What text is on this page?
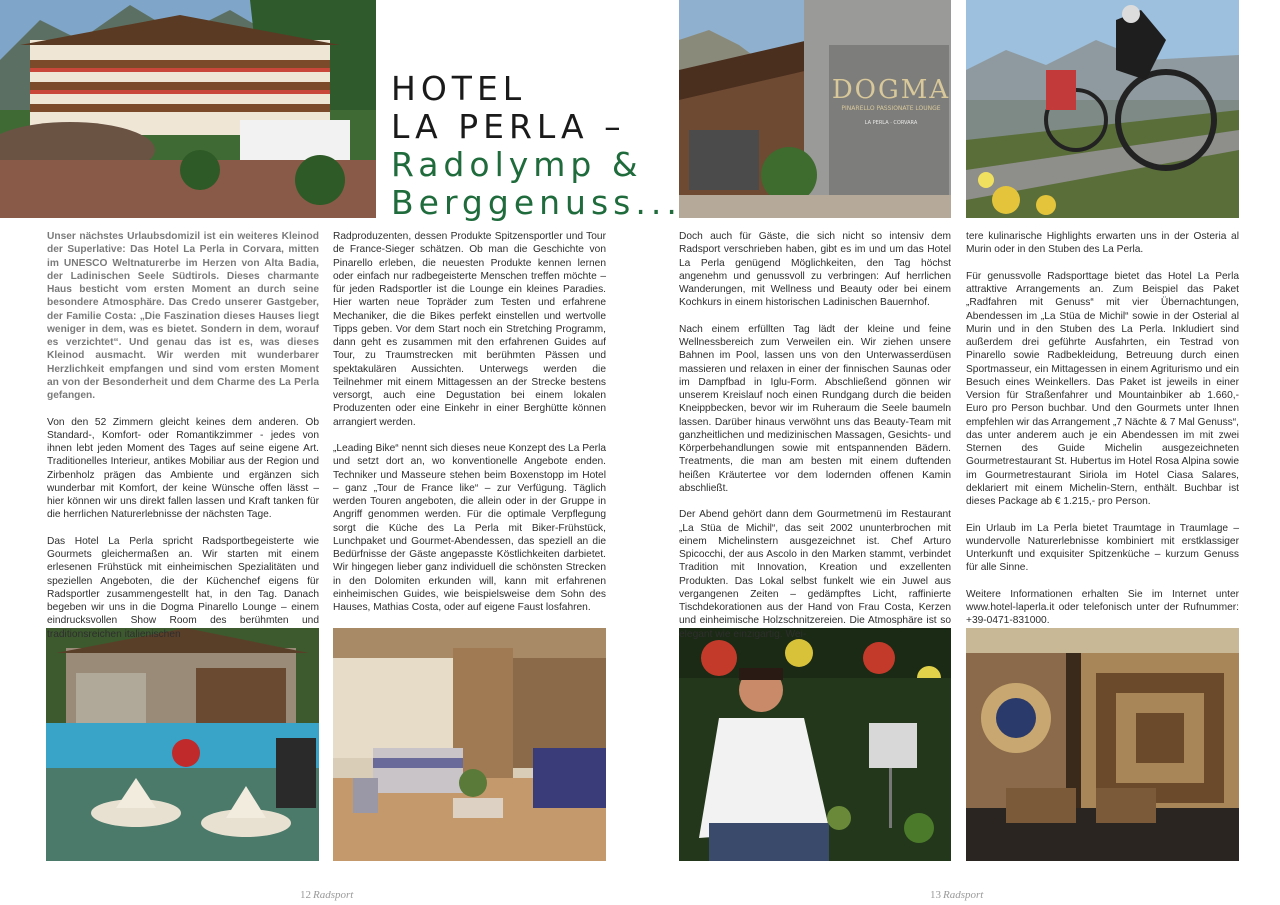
DOGMA
PINARELLO PASSIONATE LOUNGE
LA PERLA · CORVARA
HOTEL
LA PERLA –
Radolymp &
Berggenuss...

Unser nächstes Urlaubsdomizil ist ein weiteres Kleinod der Superlative: Das Hotel La Perla in Corvara, mitten im UNESCO Weltnaturerbe im Herzen von Alta Badia, der Ladinischen Seele Südtirols. Dieses charmante Haus besticht vom ersten Moment an durch seine besondere Atmosphäre. Das Credo unserer Gastgeber, der Familie Costa: „Die Faszination dieses Hauses liegt weniger in dem, was es bietet. Sondern in dem, worauf es verzichtet“. Und genau das ist es, was dieses Kleinod ausmacht. Wir werden mit wunderbarer Herzlichkeit empfangen und sind vom ersten Moment an von der Besonderheit und dem Charme des La Perla gefangen.

Von den 52 Zimmern gleicht keines dem anderen. Ob Standard-, Komfort- oder Romantikzimmer - jedes von ihnen lebt jeden Moment des Tages auf seine eigene Art. Traditionelles Interieur, antikes Mobiliar aus der Region und Zirbenholz prägen das Ambiente und ergänzen sich wunderbar mit Komfort, der keine Wünsche offen lässt – hier können wir uns direkt fallen lassen und Kraft tanken für die herrlichen Naturerlebnisse der nächsten Tage.

Das Hotel La Perla spricht Radsportbegeisterte wie Gourmets gleichermaßen an. Wir starten mit einem erlesenen Frühstück mit einheimischen Spezialitäten und speziellen Angeboten, die der Küchenchef eigens für Radsportler zusammengestellt hat, in den Tag. Danach begeben wir uns in die Dogma Pinarello Lounge – einem eindrucksvollen Show Room des berühmten und traditionsreichen italienischen

Radproduzenten, dessen Produkte Spitzensportler und Tour de France-Sieger schätzen. Ob man die Geschichte von Pinarello erleben, die neuesten Produkte kennen lernen oder einfach nur radbegeisterte Menschen treffen möchte – für jeden Radsportler ist die Lounge ein kleines Paradies. Hier warten neue Topräder zum Testen und erfahrene Mechaniker, die die Bikes perfekt einstellen und wertvolle Tipps geben. Vor dem Start noch ein Stretching Programm, dann geht es zusammen mit den erfahrenen Guides auf Tour, zu Traumstrecken mit berühmten Pässen und spektakulären Aussichten. Unterwegs werden die Teilnehmer mit einem Mittagessen an der Strecke bestens versorgt, auch eine Degustation bei einem lokalen Produzenten oder eine Einkehr in einer Berghütte können arrangiert werden.

„Leading Bike“ nennt sich dieses neue Konzept des La Perla und setzt dort an, wo konventionelle Angebote enden. Techniker und Masseure stehen beim Boxenstopp im Hotel – ganz „Tour de France like“ – zur Verfügung. Täglich werden Touren angeboten, die allein oder in der Gruppe in Angriff genommen werden. Für die optimale Verpflegung sorgt die Küche des La Perla mit Biker-Frühstück, Lunchpaket und Gourmet-Abendessen, das speziell an die Bedürfnisse der Gäste angepasste Köstlichkeiten darbietet. Wir hingegen lieber ganz individuell die schönsten Strecken in den Dolomiten erkunden will, kann mit erfahrenen einheimischen Guides, wie beispielsweise dem Sohn des Hauses, Mathias Costa, oder auf eigene Faust losfahren.

Doch auch für Gäste, die sich nicht so intensiv dem Radsport verschrieben haben, gibt es im und um das Hotel La Perla genügend Möglichkeiten, den Tag höchst angenehm und genussvoll zu verbringen: Auf herrlichen Wanderungen, mit Wellness und Beauty oder bei einem Kochkurs in einem historischen Ladinischen Bauernhof.

Nach einem erfüllten Tag lädt der kleine und feine Wellnessbereich zum Verweilen ein. Wir ziehen unsere Bahnen im Pool, lassen uns von den Unterwasserdüsen massieren und relaxen in einer der finnischen Saunas oder im Dampfbad in Iglu-Form. Abschließend gönnen wir unserem Kreislauf noch einen Rundgang durch die beiden Kneippbecken, bevor wir im Ruheraum die Seele baumeln lassen. Darüber hinaus verwöhnt uns das Beauty-Team mit ganzheitlichen und medizinischen Massagen, Gesichts- und Körperbehandlungen sowie mit entspannenden Bädern. Treatments, die man am besten mit einem duftenden heißen Kräutertee vor dem lodernden offenen Kamin abschließt.

Der Abend gehört dann dem Gourmetmenü im Restaurant „La Stüa de Michil“, das seit 2002 ununterbrochen mit einem Michelinstern ausgezeichnet ist. Chef Arturo Spicocchi, der aus Ascolo in den Marken stammt, verbindet Tradition mit Innovation, Kreation und exzellenten Produkten. Das Lokal selbst funkelt wie ein Juwel aus vergangenen Zeiten – gedämpftes Licht, raffinierte Tischdekorationen aus der Hand von Frau Costa, Kerzen und einheimische Holzschnitzereien. Die Atmosphäre ist so elegant wie einzigartig. Wei-

tere kulinarische Highlights erwarten uns in der Osteria al Murin oder in den Stuben des La Perla.

Für genussvolle Radsporttage bietet das Hotel La Perla attraktive Arrangements an. Zum Beispiel das Paket „Radfahren mit Genuss“ mit vier Übernachtungen, Abendessen im „La Stüa de Michil“ sowie in der Osterial al Murin und in den Stuben des La Perla. Inkludiert sind außerdem drei geführte Ausfahrten, ein Testrad von Pinarello sowie Radbekleidung, Betreuung durch einen Sportmasseur, ein Mittagessen in einem Agriturismo und ein Besuch eines Weinkellers. Das Paket ist jeweils in einer Version für Straßenfahrer und Mountainbiker ab 1.660,- Euro pro Person buchbar. Und den Gourmets unter Ihnen empfehlen wir das Arrangement „7 Nächte & 7 Mal Genuss“, das unter anderem auch je ein Abendessen im mit zwei Sternen des Guide Michelin ausgezeichneten Gourmetrestaurant St. Hubertus im Hotel Rosa Alpina sowie im Gourmetrestaurant Siriola im Hotel Ciasa Salares, deklariert mit einem Michelin-Stern, enthält. Buchbar ist dieses Package ab € 1.215,- pro Person.

Ein Urlaub im La Perla bietet Traumtage in Traumlage – wundervolle Naturerlebnisse kombiniert mit erstklassiger Unterkunft und exquisiter Spitzenküche – kurzum Genuss für alle Sinne.

Weitere Informationen erhalten Sie im Internet unter www.hotel-laperla.it oder telefonisch unter der Rufnummer: +39-0471-831000.

12 Radsport	13 Radsport
